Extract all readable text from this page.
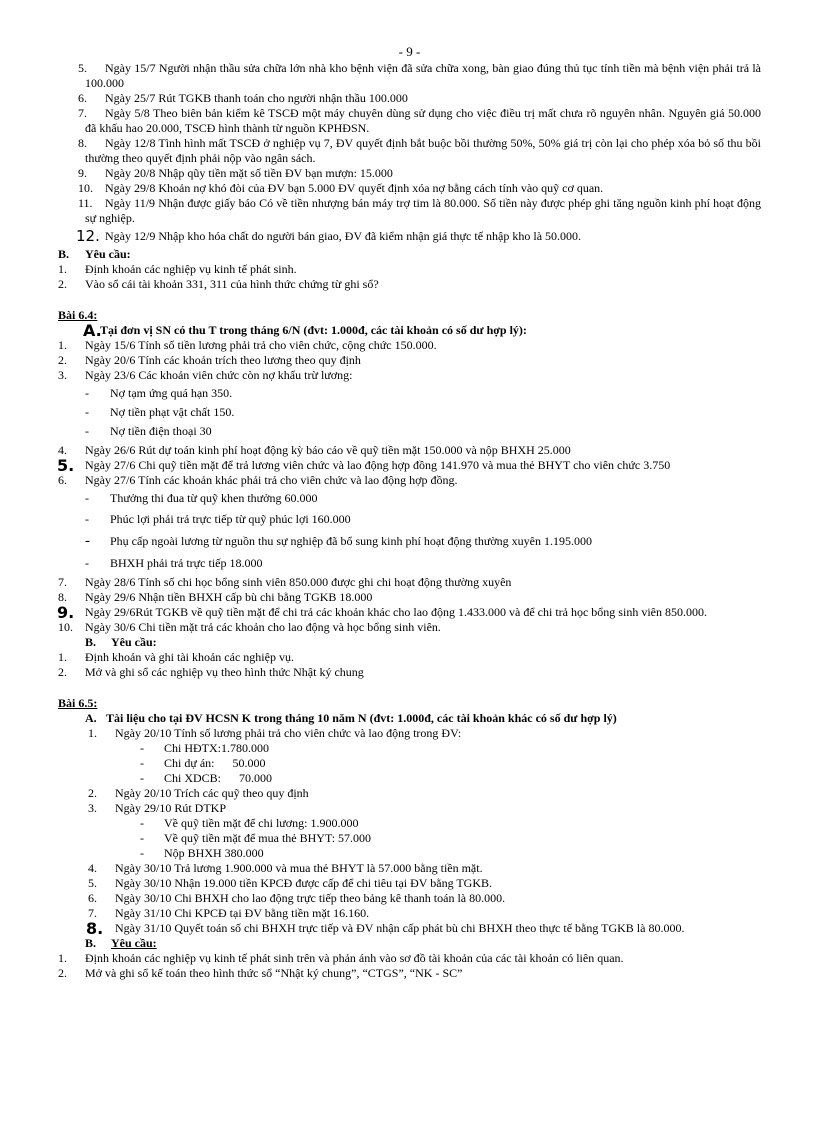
- 9 -
5.	Ngày 15/7 Người nhận thầu sửa chữa lớn nhà kho bệnh viện đã sửa chữa xong, bàn giao đúng thủ tục tính tiền mà bệnh viện phải trả là 100.000
6.	Ngày 25/7 Rút TGKB thanh toán cho người nhận thầu 100.000
7.	Ngày 5/8 Theo biên bản kiểm kê TSCĐ một máy chuyên dùng sử dụng cho việc điều trị mất chưa rõ nguyên nhân. Nguyên giá 50.000 đã khấu hao 20.000, TSCĐ hình thành từ nguồn KPHĐSN.
8.	Ngày 12/8 Tình hình mất TSCĐ ở nghiệp vụ 7, ĐV quyết định bắt buộc bồi thường 50%, 50% giá trị còn lại cho phép xóa bỏ số thu bồi thường theo quyết định phải nộp vào ngân sách.
9.	Ngày 20/8 Nhập qũy tiền mặt số tiền ĐV bạn mượn: 15.000
10.	Ngày 29/8 Khoản nợ khó đòi của ĐV bạn 5.000 ĐV quyết định xóa nợ bằng cách tính vào quỹ cơ quan.
11.	Ngày 11/9 Nhận được giấy báo Có về tiền nhượng bán máy trợ tim là 80.000. Số tiền này được phép ghi tăng nguồn kinh phí hoạt động sự nghiệp.
12. Ngày 12/9 Nhập kho hóa chất do người bán giao, ĐV đã kiểm nhận giá thực tế nhập kho là 50.000.
B. Yêu cầu:
1. Định khoản các nghiệp vụ kinh tế phát sinh.
2. Vào sổ cái tài khoản 331, 311 của hình thức chứng từ ghi sổ?
Bài 6.4:
A.
Tại đơn vị SN có thu T trong tháng 6/N (đvt: 1.000đ, các tài khoản có số dư hợp lý):
1. Ngày 15/6 Tính số tiền lương phải trả cho viên chức, cộng chức 150.000.
2. Ngày 20/6 Tính các khoản trích theo lương theo quy định
3. Ngày 23/6 Các khoản viên chức còn nợ khấu trừ lương:
- Nợ tạm ứng quá hạn 350.
- Nợ tiền phạt vật chất 150.
- Nợ tiền điện thoại 30
4. Ngày 26/6 Rút dự toán kinh phí hoạt động kỳ báo cáo về quỹ tiền mặt 150.000 và nộp BHXH 25.000
5. Ngày 27/6 Chi quỹ tiền mặt để trả lương viên chức và lao động hợp đồng 141.970 và mua thẻ BHYT cho viên chức 3.750
6. Ngày 27/6 Tính các khoản khác phải trả cho viên chức và lao động hợp đồng.
- Thưởng thi đua từ quỹ khen thưởng 60.000
- Phúc lợi phải trả trực tiếp từ quỹ phúc lợi 160.000
- Phụ cấp ngoài lương từ nguồn thu sự nghiệp đã bổ sung kinh phí hoạt động thường xuyên 1.195.000
- BHXH phải trả trực tiếp 18.000
7. Ngày 28/6 Tính số chi học bổng sinh viên 850.000 được ghi chi hoạt động thường xuyên
8. Ngày 29/6 Nhận tiền BHXH cấp bù chi bằng TGKB 18.000
9. Ngày 29/6Rút TGKB về quỹ tiền mặt để chi trả các khoản khác cho lao động 1.433.000 và để chi trả học bổng sinh viên 850.000.
10. Ngày 30/6 Chi tiền mặt trả các khoản cho lao động và học bổng sinh viên.
B. Yêu cầu:
1. Định khoản và ghi tài khoản các nghiệp vụ.
2. Mở và ghi sổ các nghiệp vụ theo hình thức Nhật ký chung
Bài 6.5:
A. Tài liệu cho tại ĐV HCSN K trong tháng 10 năm N (đvt: 1.000đ, các tài khoản khác có số dư hợp lý)
1. Ngày 20/10 Tính số lương phải trả cho viên chức và lao động trong ĐV:
- Chi HĐTX:1.780.000
- Chi dự án:      50.000
- Chi XDCB:      70.000
2. Ngày 20/10 Trích các quỹ theo quy định
3. Ngày 29/10 Rút DTKP
- Về quỹ tiền mặt để chi lương: 1.900.000
- Về quỹ tiền mặt để mua thẻ BHYT: 57.000
- Nộp BHXH 380.000
4. Ngày 30/10 Trả lương 1.900.000 và mua thẻ BHYT là 57.000 bằng tiền mặt.
5. Ngày 30/10 Nhận 19.000 tiền KPCĐ được cấp để chi tiêu tại ĐV bằng TGKB.
6. Ngày 30/10 Chi BHXH cho lao động trực tiếp theo bảng kê thanh toán là 80.000.
7. Ngày 31/10 Chi KPCĐ tại ĐV bằng tiền mặt 16.160.
8. Ngày 31/10 Quyết toán số chi BHXH trực tiếp và ĐV nhận cấp phát bù chi BHXH theo thực tế bằng TGKB là 80.000.
B. Yêu cầu:
1. Định khoản các nghiệp vụ kinh tế phát sinh trên và phản ánh vào sơ đồ tài khoản của các tài khoản có liên quan.
2. Mở và ghi sổ kế toán theo hình thức sổ “Nhật ký chung”, “CTGS”, “NK - SC”
